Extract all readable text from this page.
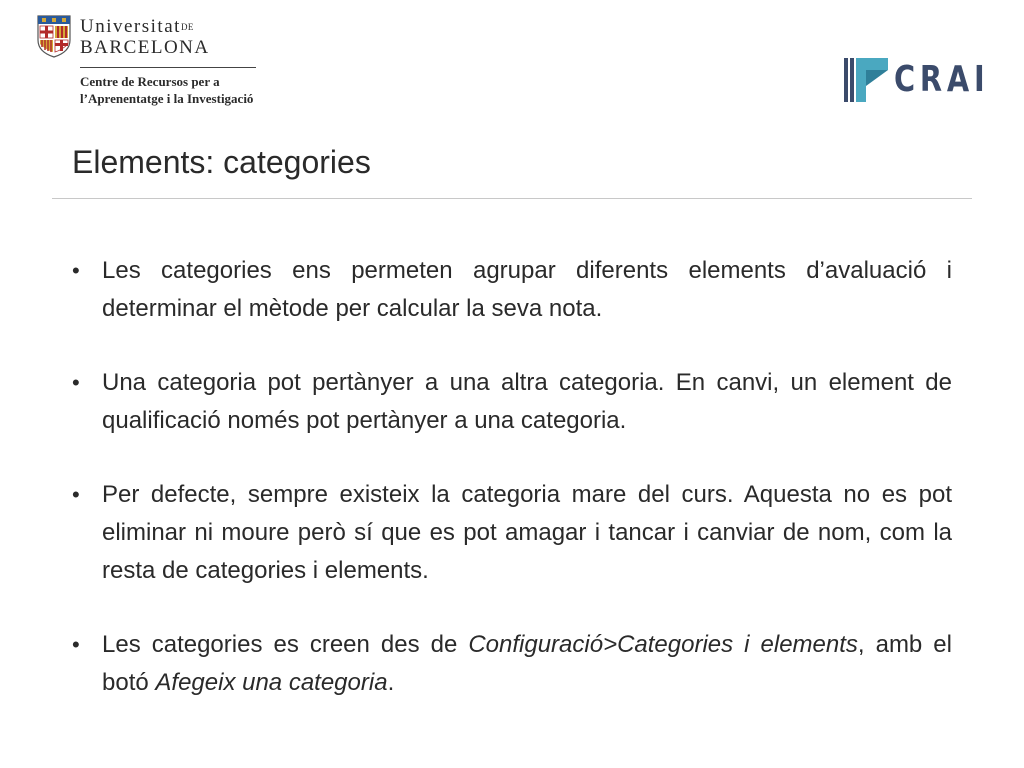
UniversitatDE
BARCELONA
Centre de Recursos per a
l’Aprenentatge i la Investigació	CRAI
Elements: categories
• Les categories ens permeten agrupar diferents elements d’avaluació i determinar el mètode per calcular la seva nota.
• Una categoria pot pertànyer a una altra categoria. En canvi, un element de qualificació només pot pertànyer a una categoria.
• Per defecte, sempre existeix la categoria mare del curs. Aquesta no es pot eliminar ni moure però sí que es pot amagar i tancar i canviar de nom, com la resta de categories i elements.
• Les categories es creen des de Configuració>Categories i elements, amb el botó Afegeix una categoria.
